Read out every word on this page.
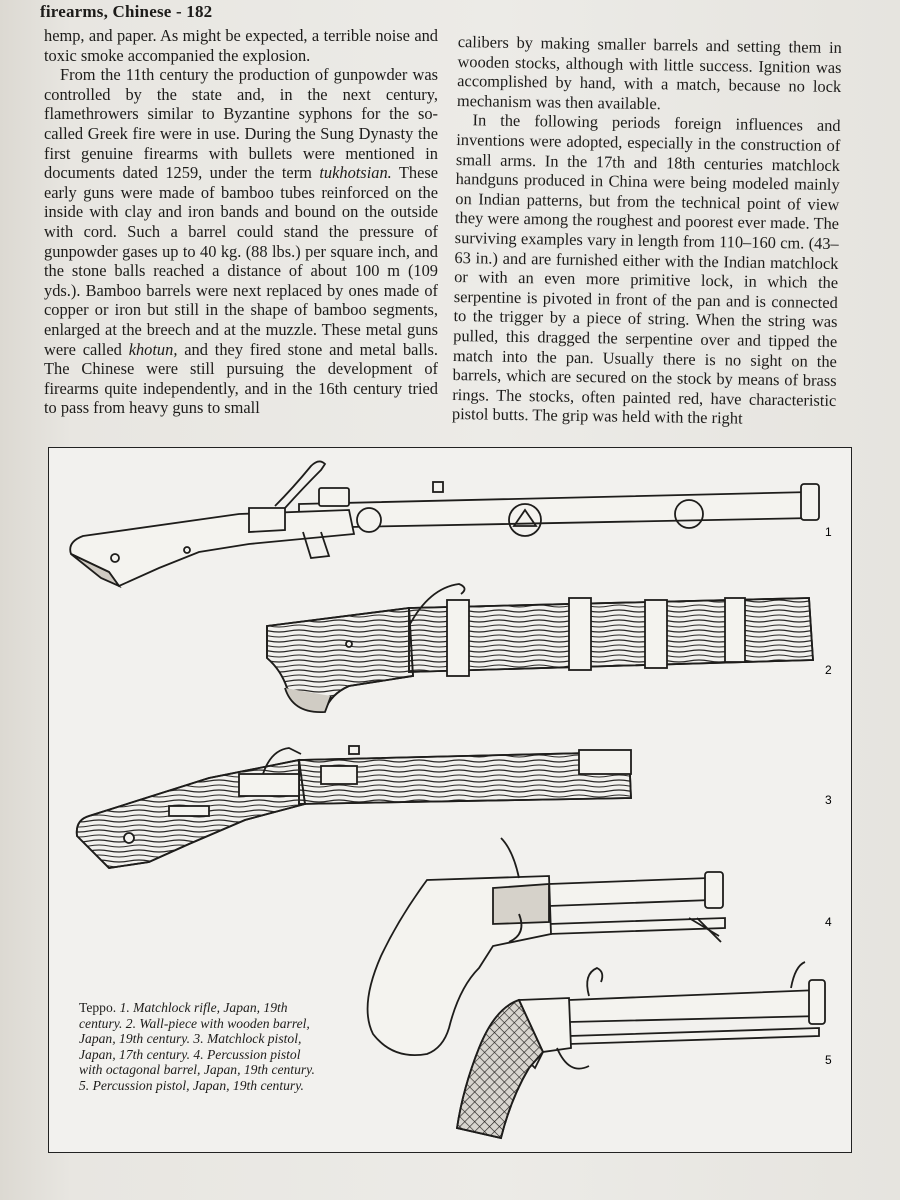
firearms, Chinese - 182

hemp, and paper. As might be expected, a terrible noise and toxic smoke accompanied the explosion.

From the 11th century the production of gunpowder was controlled by the state and, in the next century, flamethrowers similar to Byzantine syphons for the so-called Greek fire were in use. During the Sung Dynasty the first genuine firearms with bullets were mentioned in documents dated 1259, under the term tukhotsian. These early guns were made of bamboo tubes reinforced on the inside with clay and iron bands and bound on the outside with cord. Such a barrel could stand the pressure of gunpowder gases up to 40 kg. (88 lbs.) per square inch, and the stone balls reached a distance of about 100 m (109 yds.). Bamboo barrels were next replaced by ones made of copper or iron but still in the shape of bamboo segments, enlarged at the breech and at the muzzle. These metal guns were called khotun, and they fired stone and metal balls. The Chinese were still pursuing the development of firearms quite independently, and in the 16th century tried to pass from heavy guns to small

calibers by making smaller barrels and setting them in wooden stocks, although with little success. Ignition was accomplished by hand, with a match, because no lock mechanism was then available.

In the following periods foreign influences and inventions were adopted, especially in the construction of small arms. In the 17th and 18th centuries matchlock handguns produced in China were being modeled mainly on Indian patterns, but from the technical point of view they were among the roughest and poorest ever made. The surviving examples vary in length from 110–160 cm. (43–63 in.) and are furnished either with the Indian matchlock or with an even more primitive lock, in which the serpentine is pivoted in front of the pan and is connected to the trigger by a piece of string. When the string was pulled, this dragged the serpentine over and tipped the match into the pan. Usually there is no sight on the barrels, which are secured on the stock by means of brass rings. The stocks, often painted red, have characteristic pistol butts. The grip was held with the right

1
2
3
4
5
Teppo. 1. Matchlock rifle, Japan, 19th century. 2. Wall-piece with wooden barrel, Japan, 19th century. 3. Matchlock pistol, Japan, 17th century. 4. Percussion pistol with octagonal barrel, Japan, 19th century. 5. Percussion pistol, Japan, 19th century.
